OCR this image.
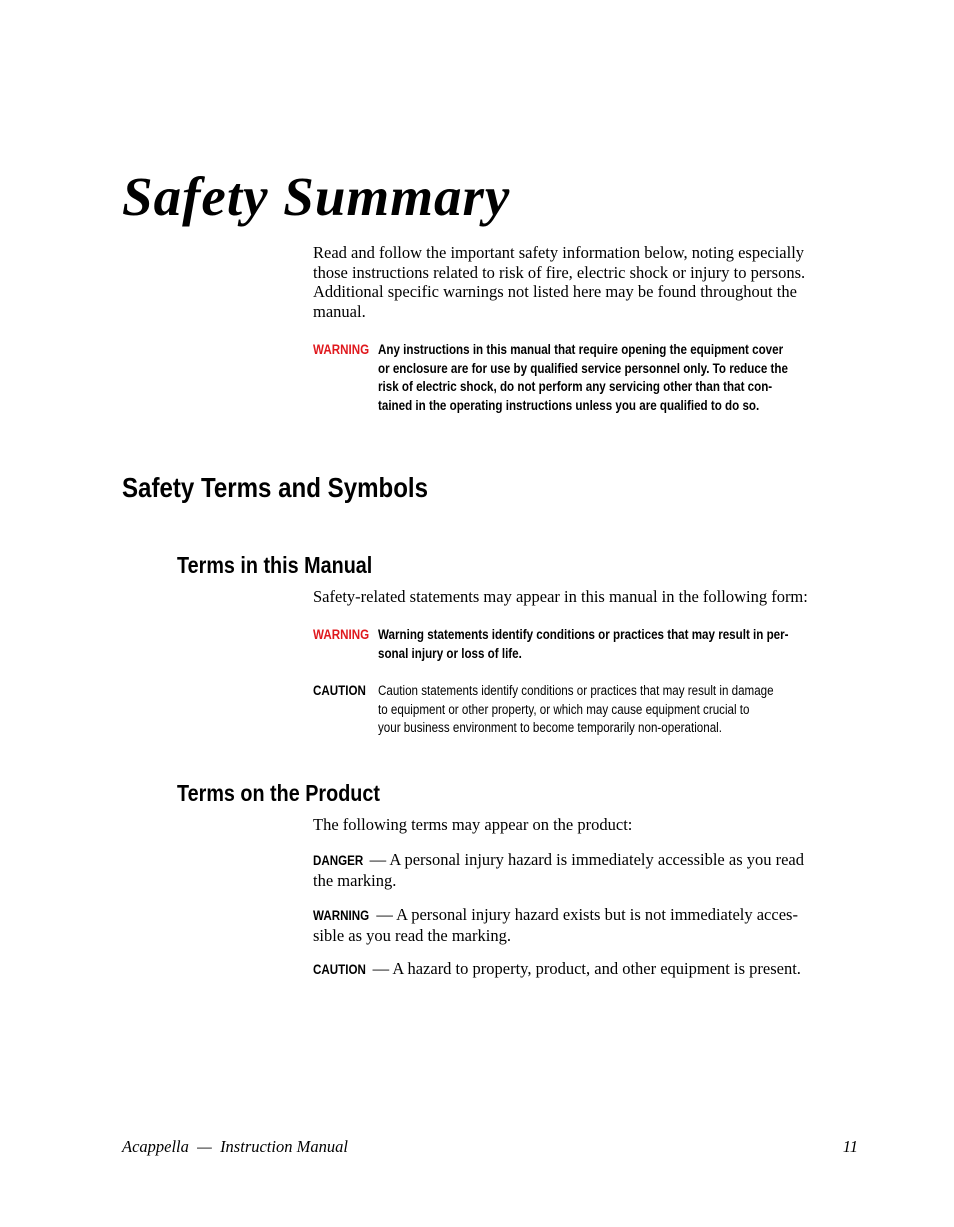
Safety Summary
Read and follow the important safety information below, noting especially
those instructions related to risk of fire, electric shock or injury to persons.
Additional specific warnings not listed here may be found throughout the
manual.
WARNING Any instructions in this manual that require opening the equipment cover
or enclosure are for use by qualified service personnel only. To reduce the
risk of electric shock, do not perform any servicing other than that con-
tained in the operating instructions unless you are qualified to do so.
Safety Terms and Symbols
Terms in this Manual
Safety-related statements may appear in this manual in the following form:
WARNING Warning statements identify conditions or practices that may result in per-
sonal injury or loss of life.
CAUTION Caution statements identify conditions or practices that may result in damage
to equipment or other property, or which may cause equipment crucial to
your business environment to become temporarily non-operational.
Terms on the Product
The following terms may appear on the product:
DANGER — A personal injury hazard is immediately accessible as you read
the marking.
WARNING — A personal injury hazard exists but is not immediately acces-
sible as you read the marking.
CAUTION — A hazard to property, product, and other equipment is present.
Acappella  —  Instruction Manual	11
